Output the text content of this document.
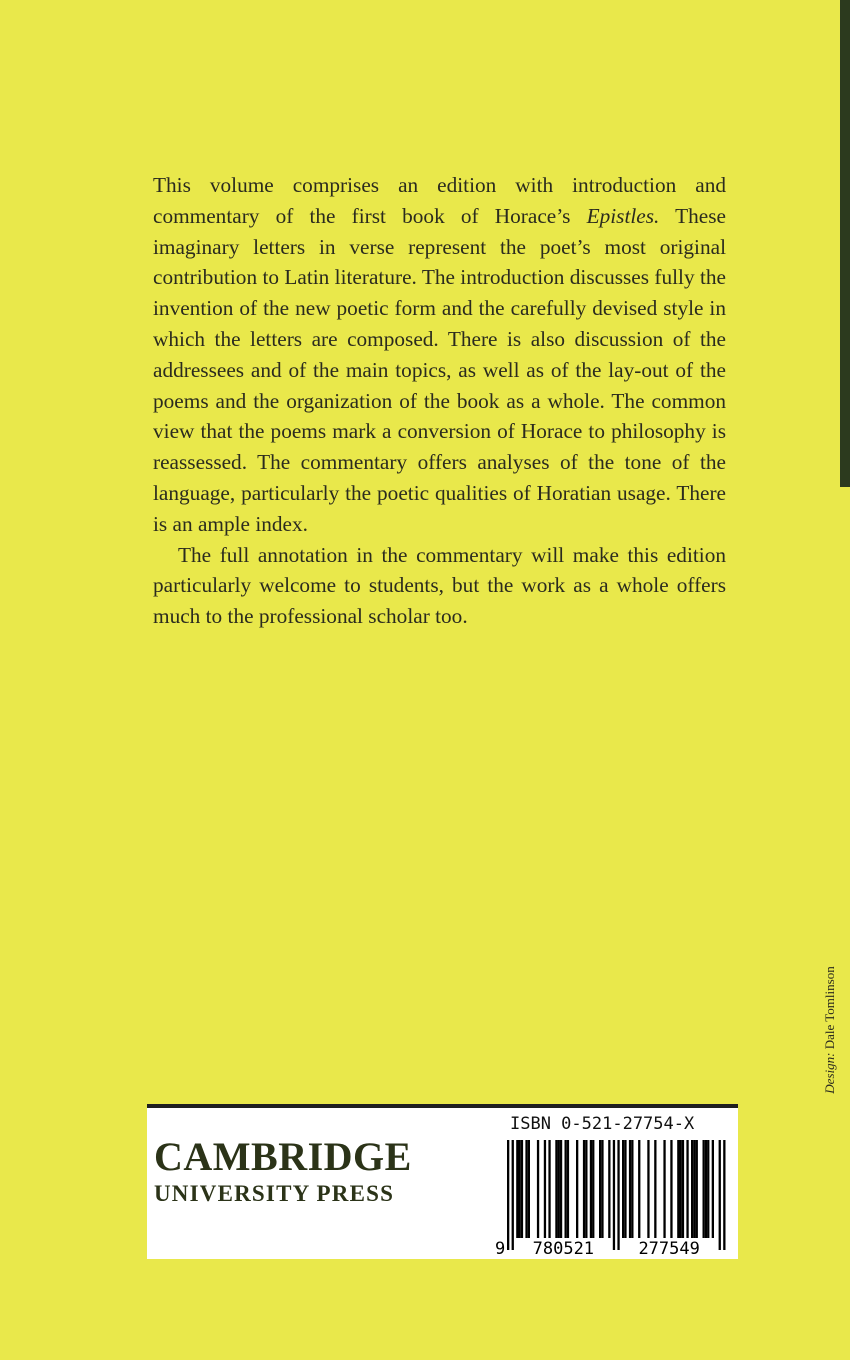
This volume comprises an edition with introduction and commentary of the first book of Horace’s Epistles. These imaginary letters in verse represent the poet’s most original contribution to Latin literature. The introduction discusses fully the invention of the new poetic form and the carefully devised style in which the letters are composed. There is also discussion of the addressees and of the main topics, as well as of the lay-out of the poems and the organization of the book as a whole. The common view that the poems mark a conversion of Horace to philosophy is reassessed. The commentary offers analyses of the tone of the language, particularly the poetic qualities of Horatian usage. There is an ample index.

The full annotation in the commentary will make this edition particularly welcome to students, but the work as a whole offers much to the professional scholar too.

Design: Dale Tomlinson
CAMBRIDGE
UNIVERSITY PRESS
ISBN 0-521-27754-X
9 780521	277549
